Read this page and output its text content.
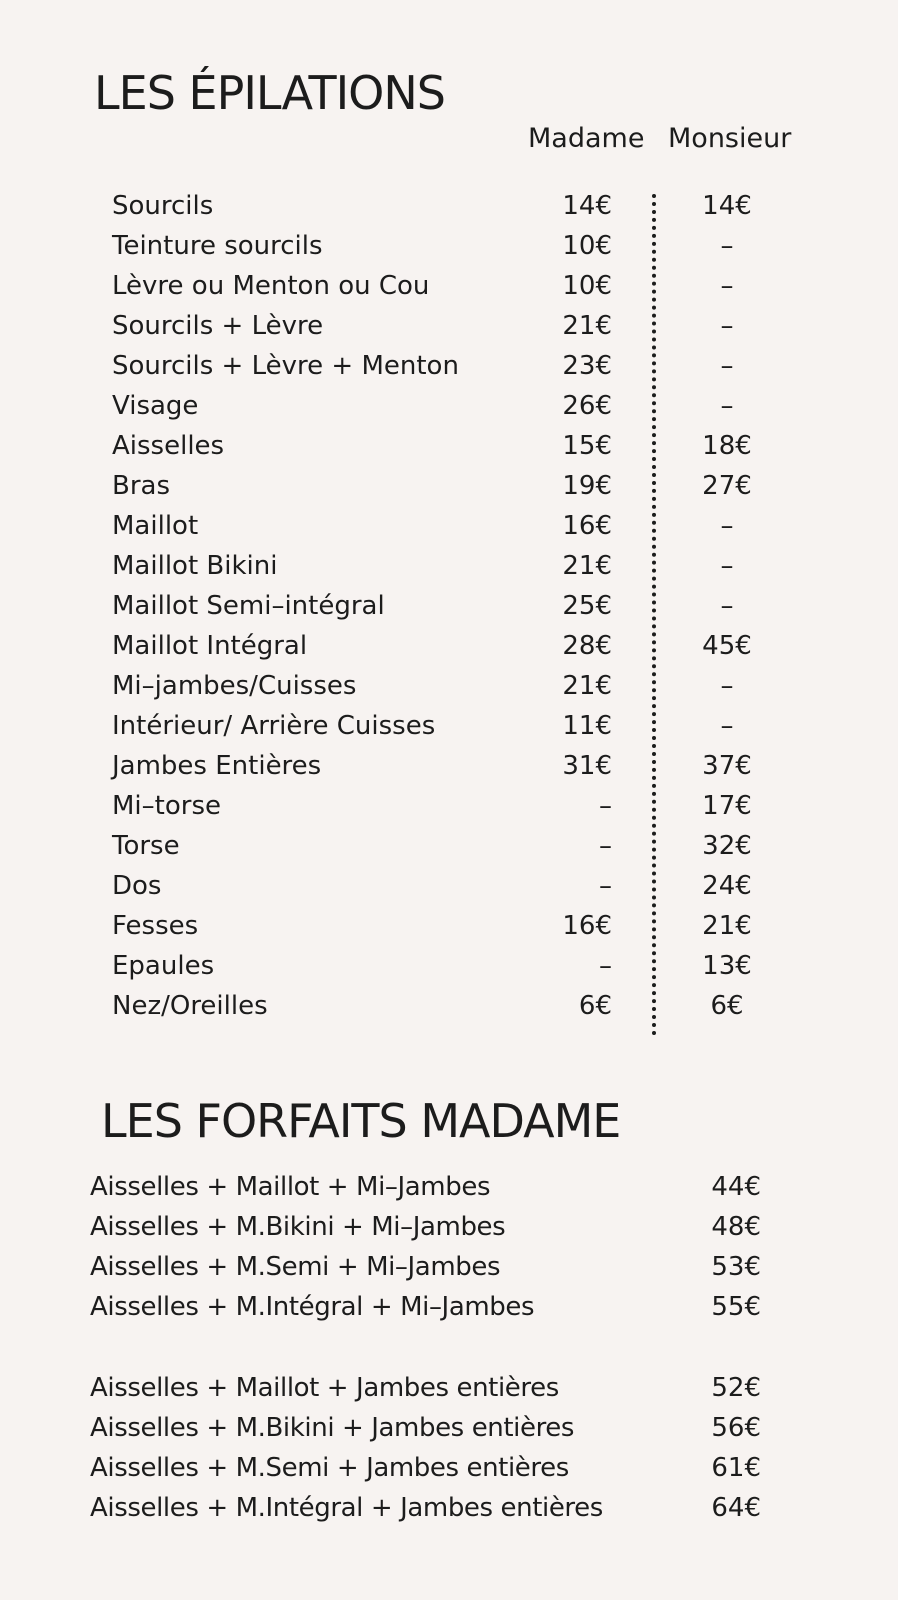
LES ÉPILATIONS
Madame Monsieur
Sourcils	14€	14€
Teinture sourcils	10€	–
Lèvre ou Menton ou Cou	10€	–
Sourcils + Lèvre	21€	–
Sourcils + Lèvre + Menton	23€	–
Visage	26€	–
Aisselles	15€	18€
Bras	19€	27€
Maillot	16€	–
Maillot Bikini	21€	–
Maillot Semi–intégral	25€	–
Maillot Intégral	28€	45€
Mi–jambes/Cuisses	21€	–
Intérieur/ Arrière Cuisses	11€	–
Jambes Entières	31€	37€
Mi–torse	–	17€
Torse	–	32€
Dos	–	24€
Fesses	16€	21€
Epaules	–	13€
Nez/Oreilles	6€	6€
LES FORFAITS MADAME
Aisselles + Maillot + Mi–Jambes	44€
Aisselles + M.Bikini + Mi–Jambes	48€
Aisselles + M.Semi + Mi–Jambes	53€
Aisselles + M.Intégral + Mi–Jambes	55€
Aisselles + Maillot + Jambes entières	52€
Aisselles + M.Bikini + Jambes entières	56€
Aisselles + M.Semi + Jambes entières	61€
Aisselles + M.Intégral + Jambes entières	64€
